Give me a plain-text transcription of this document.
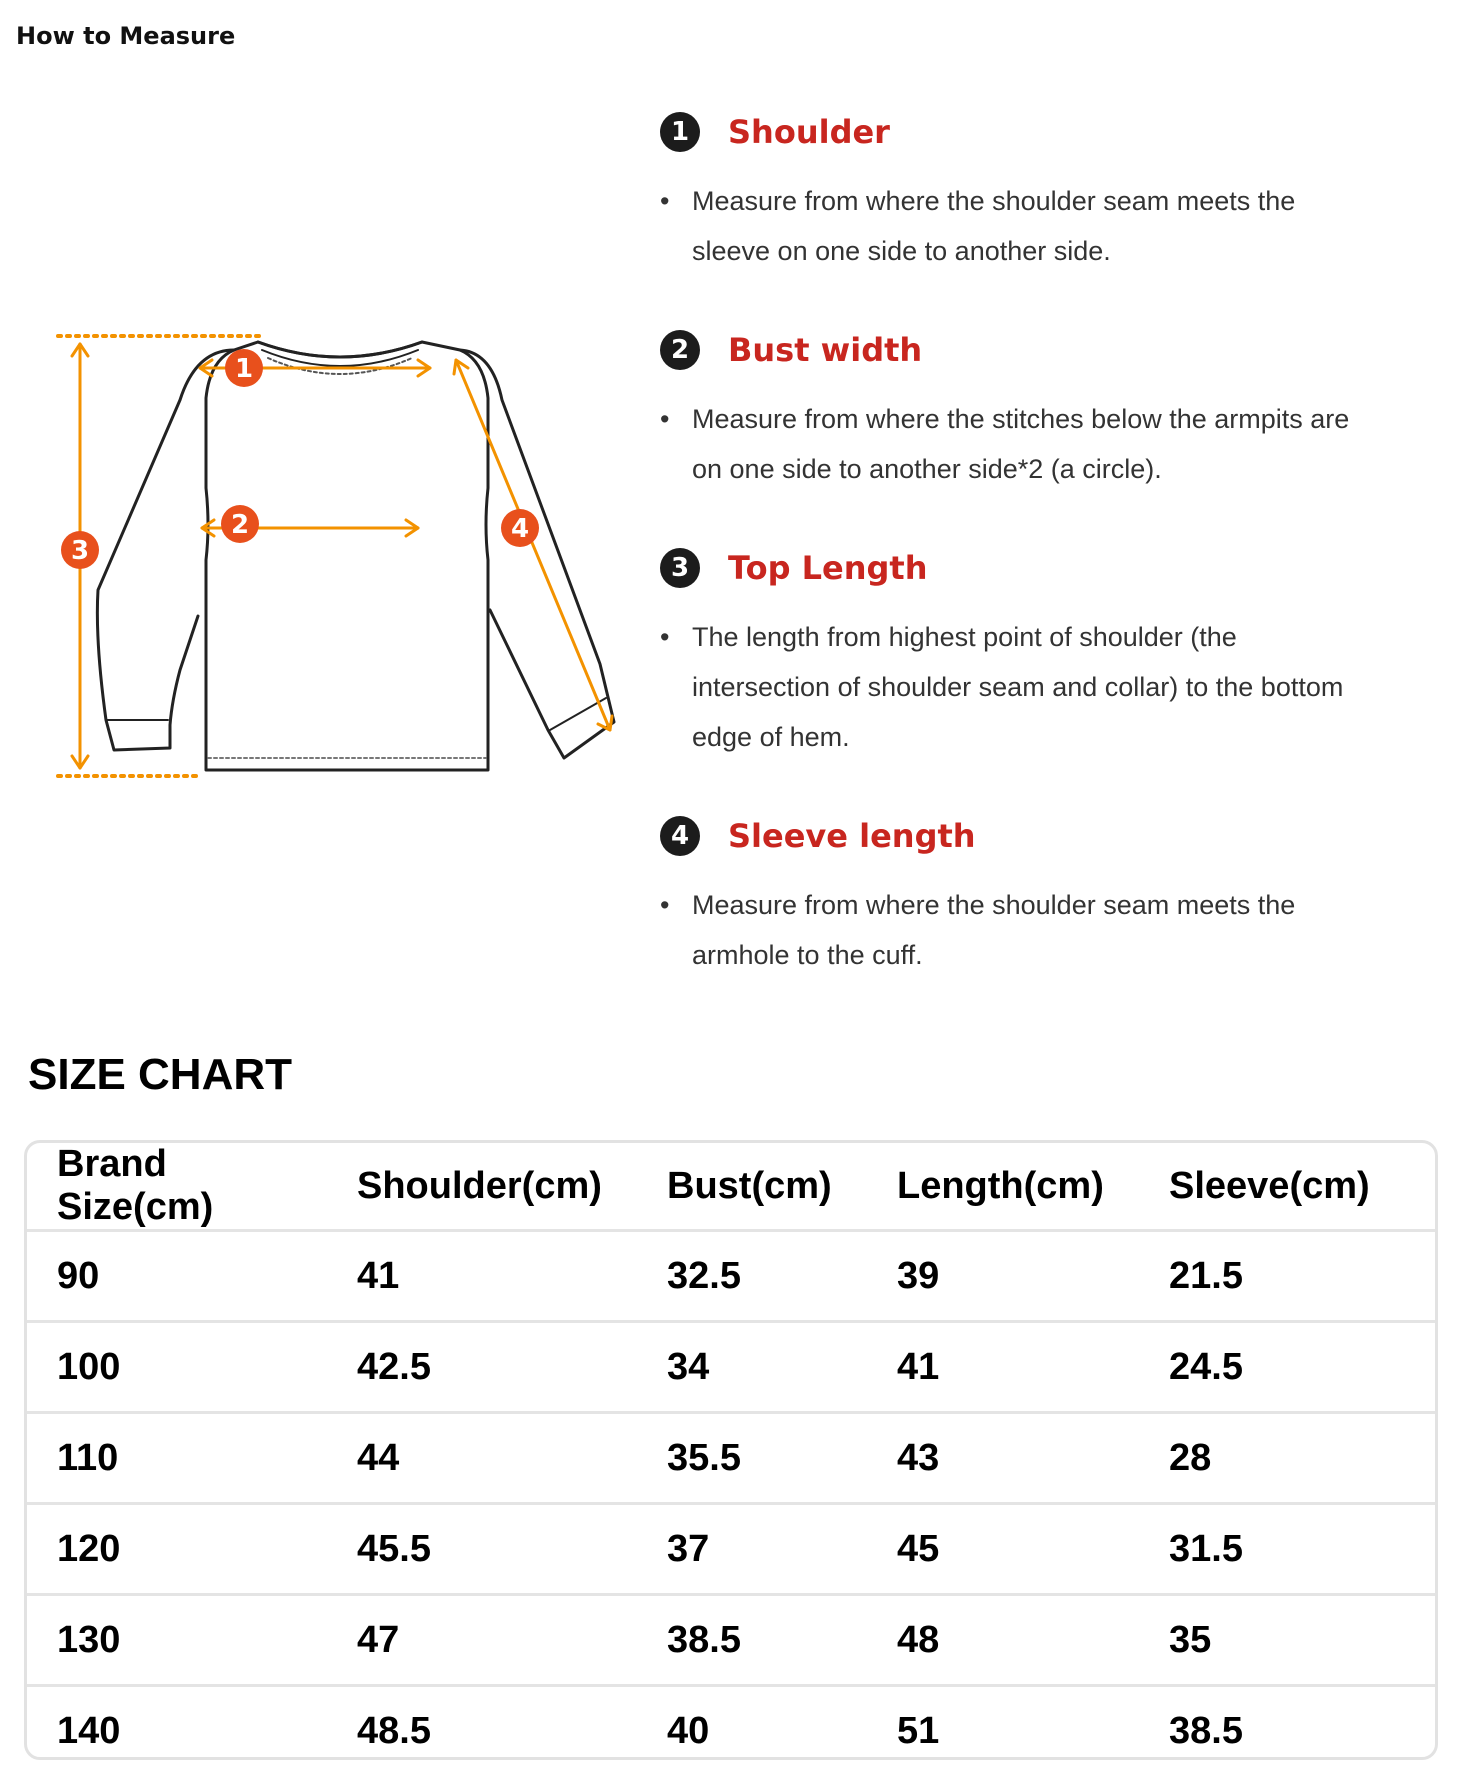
How to Measure
1
2
3
4
1	Shoulder
• Measure from where the shoulder seam meets the
sleeve on one side to another side.
2	Bust width
• Measure from where the stitches below the armpits are
on one side to another side*2 (a circle).
3	Top Length
• The length from highest point of shoulder (the
intersection of shoulder seam and collar) to the bottom
edge of hem.
4	Sleeve length
• Measure from where the shoulder seam meets the
armhole to the cuff.
SIZE CHART
Brand Size(cm)	Shoulder(cm)	Bust(cm)	Length(cm)	Sleeve(cm)
90	41	32.5	39	21.5
100	42.5	34	41	24.5
110	44	35.5	43	28
120	45.5	37	45	31.5
130	47	38.5	48	35
140	48.5	40	51	38.5
